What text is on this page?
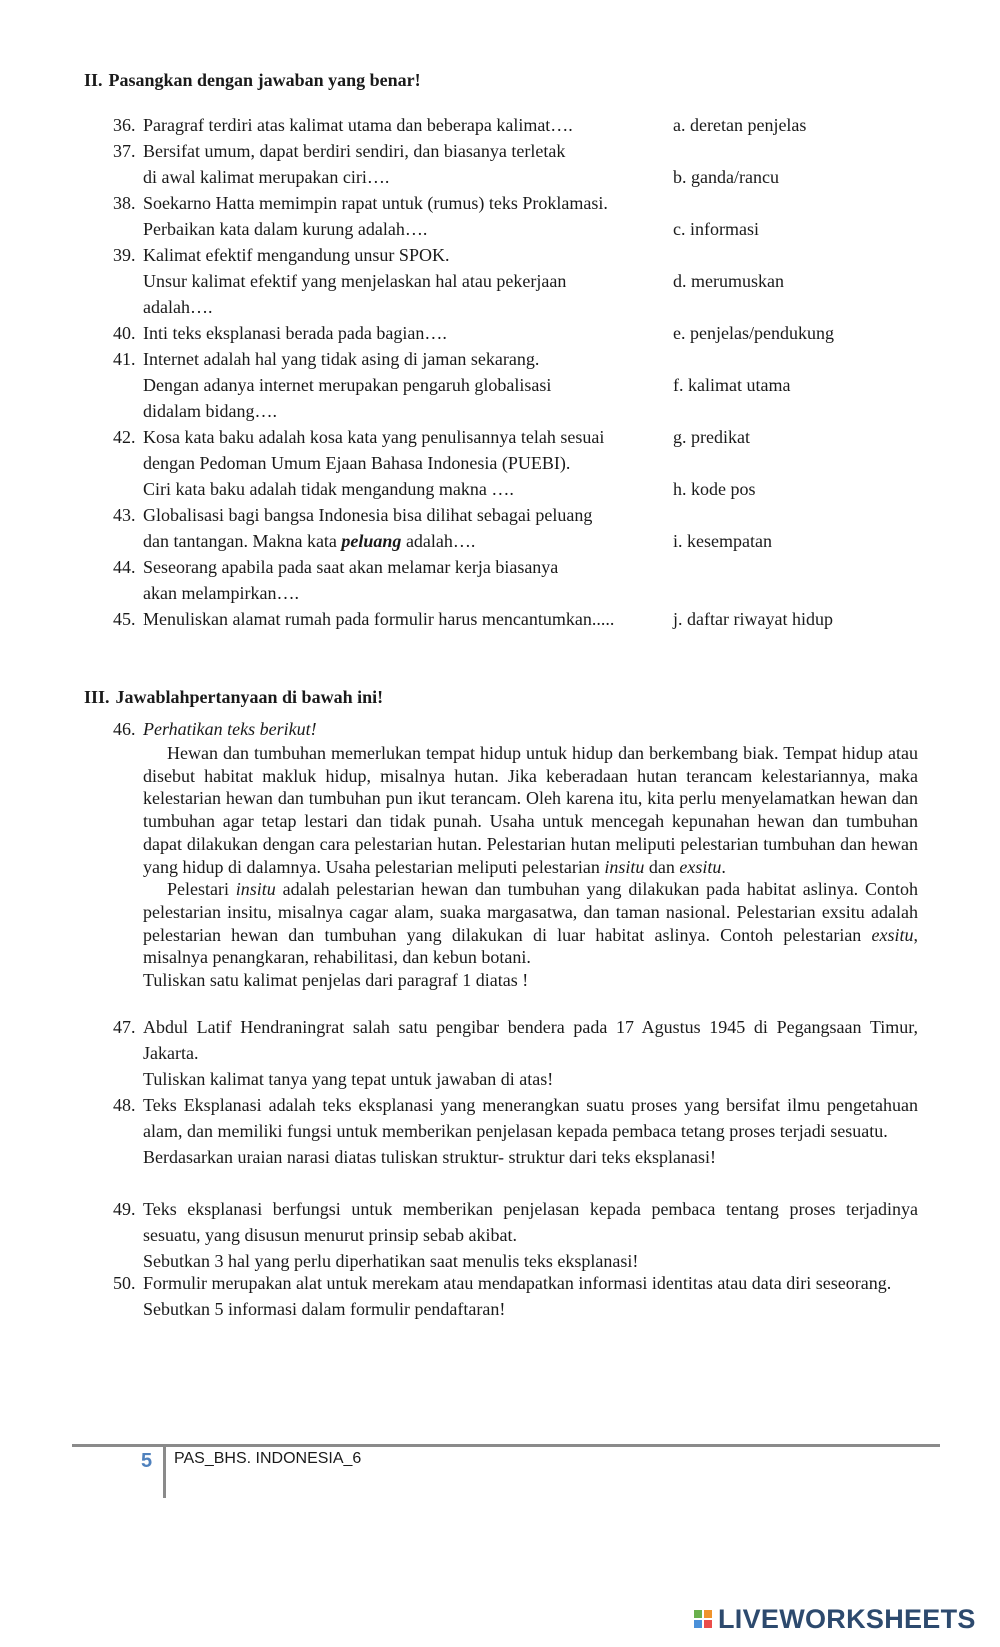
II. Pasangkan dengan jawaban yang benar!
36. Paragraf terdiri atas kalimat utama dan beberapa kalimat….	a. deretan penjelas
37. Bersifat umum, dapat berdiri sendiri, dan biasanya terletak
di awal kalimat merupakan ciri….	b. ganda/rancu
38. Soekarno Hatta memimpin rapat untuk (rumus) teks Proklamasi.
Perbaikan kata dalam kurung adalah….	c. informasi
39. Kalimat efektif mengandung unsur SPOK.
Unsur kalimat efektif yang menjelaskan hal atau pekerjaan	d. merumuskan
adalah….
40. Inti teks eksplanasi berada pada bagian….	e. penjelas/pendukung
41. Internet adalah hal yang tidak asing di jaman sekarang.
Dengan adanya internet merupakan pengaruh globalisasi	f. kalimat utama
didalam bidang….
42. Kosa kata baku adalah kosa kata yang penulisannya telah sesuai	g. predikat
dengan Pedoman Umum Ejaan Bahasa Indonesia (PUEBI).
Ciri kata baku adalah tidak mengandung makna ….	h. kode pos
43. Globalisasi bagi bangsa Indonesia bisa dilihat sebagai peluang
dan tantangan. Makna kata peluang adalah….	i. kesempatan
44. Seseorang apabila pada saat akan melamar kerja biasanya
akan melampirkan….
45. Menuliskan alamat rumah pada formulir harus mencantumkan.....	j. daftar riwayat hidup
III. Jawablahpertanyaan di bawah ini!
46. Perhatikan teks berikut!

Hewan dan tumbuhan memerlukan tempat hidup untuk hidup dan berkembang biak. Tempat hidup atau disebut habitat makluk hidup, misalnya hutan. Jika keberadaan hutan terancam kelestariannya, maka kelestarian hewan dan tumbuhan pun ikut terancam. Oleh karena itu, kita perlu menyelamatkan hewan dan tumbuhan agar tetap lestari dan tidak punah. Usaha untuk mencegah kepunahan hewan dan tumbuhan dapat dilakukan dengan cara pelestarian hutan. Pelestarian hutan meliputi pelestarian tumbuhan dan hewan yang hidup di dalamnya. Usaha pelestarian meliputi pelestarian insitu dan exsitu.

Pelestari insitu adalah pelestarian hewan dan tumbuhan yang dilakukan pada habitat aslinya. Contoh pelestarian insitu, misalnya cagar alam, suaka margasatwa, dan taman nasional. Pelestarian exsitu adalah pelestarian hewan dan tumbuhan yang dilakukan di luar habitat aslinya. Contoh pelestarian exsitu, misalnya penangkaran, rehabilitasi, dan kebun botani.

Tuliskan satu kalimat penjelas dari paragraf 1 diatas !
47. Abdul Latif Hendraningrat salah satu pengibar bendera pada 17 Agustus 1945 di Pegangsaan Timur, Jakarta.
Tuliskan kalimat tanya yang tepat untuk jawaban di atas!
48. Teks Eksplanasi adalah teks eksplanasi yang menerangkan suatu proses yang bersifat ilmu pengetahuan alam, dan memiliki fungsi untuk memberikan penjelasan kepada pembaca tetang proses terjadi sesuatu.
Berdasarkan uraian narasi diatas tuliskan struktur- struktur dari teks eksplanasi!
49. Teks eksplanasi berfungsi untuk memberikan penjelasan kepada pembaca tentang proses terjadinya sesuatu, yang disusun menurut prinsip sebab akibat.
Sebutkan 3 hal yang perlu diperhatikan saat menulis teks eksplanasi!
50. Formulir merupakan alat untuk merekam atau mendapatkan informasi identitas atau data diri seseorang.
Sebutkan 5 informasi dalam formulir pendaftaran!
5 PAS_BHS. INDONESIA_6
LIVEWORKSHEETS
